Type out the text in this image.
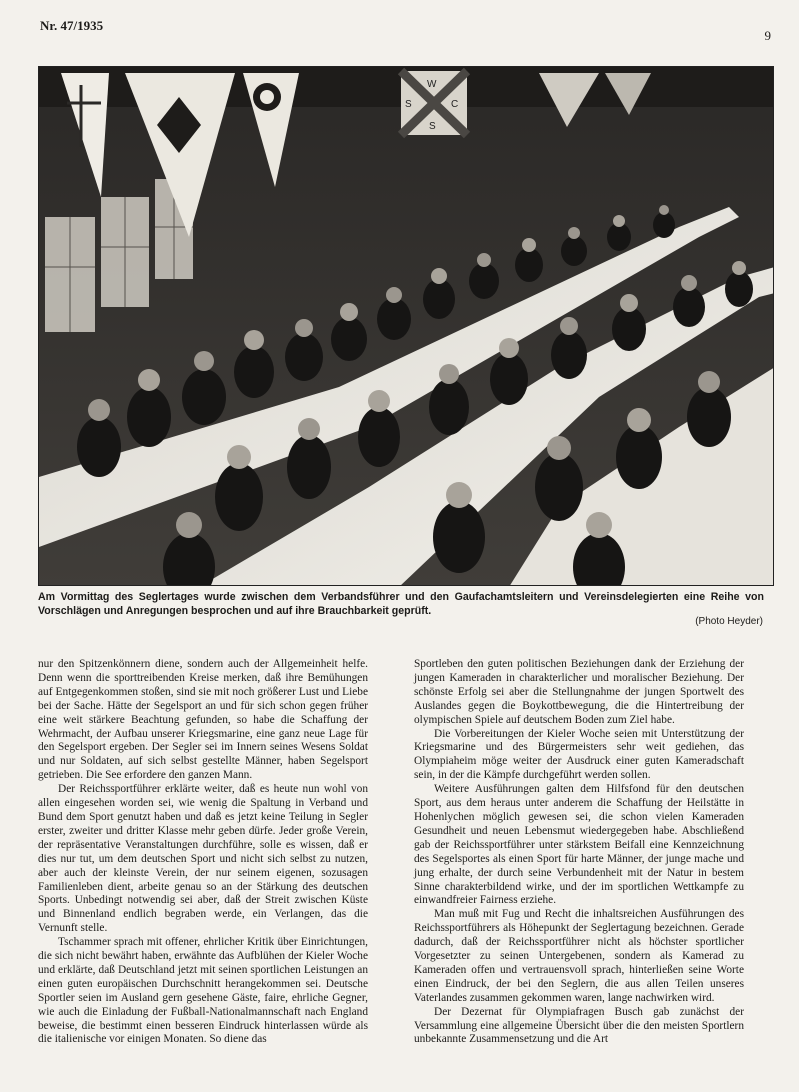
Nr. 47/1935
9
W
S	C
S
Am Vormittag des Seglertages wurde zwischen dem Verbandsführer und den Gaufachamtsleitern und Vereinsdelegierten eine Reihe von Vorschlägen und Anregungen besprochen und auf ihre Brauchbarkeit geprüft.
(Photo Heyder)

nur den Spitzenkönnern diene, sondern auch der Allgemeinheit helfe. Denn wenn die sporttreibenden Kreise merken, daß ihre Bemühungen auf Entgegenkommen stoßen, sind sie mit noch größerer Lust und Liebe bei der Sache. Hätte der Segelsport an und für sich schon gegen früher eine weit stärkere Beachtung gefunden, so habe die Schaffung der Wehrmacht, der Aufbau unserer Kriegsmarine, eine ganz neue Lage für den Segelsport ergeben. Der Segler sei im Innern seines Wesens Soldat und nur Soldaten, auf sich selbst gestellte Männer, haben Segelsport getrieben. Die See erfordere den ganzen Mann.

Der Reichssportführer erklärte weiter, daß es heute nun wohl von allen eingesehen worden sei, wie wenig die Spaltung in Verband und Bund dem Sport genutzt haben und daß es jetzt keine Teilung in Segler erster, zweiter und dritter Klasse mehr geben dürfe. Jeder große Verein, der repräsentative Veranstaltungen durchführe, solle es wissen, daß er dies nur tut, um dem deutschen Sport und nicht sich selbst zu nutzen, aber auch der kleinste Verein, der nur seinem eigenen, sozusagen Familienleben dient, arbeite genau so an der Stärkung des deutschen Sports. Unbedingt notwendig sei aber, daß der Streit zwischen Küste und Binnenland endlich begraben werde, ein Verlangen, das die Vernunft stelle.

Tschammer sprach mit offener, ehrlicher Kritik über Einrichtungen, die sich nicht bewährt haben, erwähnte das Aufblühen der Kieler Woche und erklärte, daß Deutschland jetzt mit seinen sportlichen Leistungen an einen guten europäischen Durchschnitt herangekommen sei. Deutsche Sportler seien im Ausland gern gesehene Gäste, faire, ehrliche Gegner, wie auch die Einladung der Fußball-Nationalmannschaft nach England beweise, die bestimmt einen besseren Eindruck hinterlassen würde als die italienische vor einigen Monaten. So diene das

Sportleben den guten politischen Beziehungen dank der Erziehung der jungen Kameraden in charakterlicher und moralischer Beziehung. Der schönste Erfolg sei aber die Stellungnahme der jungen Sportwelt des Auslandes gegen die Boykottbewegung, die die Hintertreibung der olympischen Spiele auf deutschem Boden zum Ziel habe.

Die Vorbereitungen der Kieler Woche seien mit Unterstützung der Kriegsmarine und des Bürgermeisters sehr weit gediehen, das Olympiaheim möge weiter der Ausdruck einer guten Kameradschaft sein, in der die Kämpfe durchgeführt werden sollen.

Weitere Ausführungen galten dem Hilfsfond für den deutschen Sport, aus dem heraus unter anderem die Schaffung der Heilstätte in Hohenlychen möglich gewesen sei, die schon vielen Kameraden Gesundheit und neuen Lebensmut wiedergegeben habe. Abschließend gab der Reichssportführer unter stärkstem Beifall eine Kennzeichnung des Segelsportes als einen Sport für harte Männer, der junge mache und jung erhalte, der durch seine Verbundenheit mit der Natur in bestem Sinne charakterbildend wirke, und der im sportlichen Wettkampfe zu einwandfreier Fairness erziehe.

Man muß mit Fug und Recht die inhaltsreichen Ausführungen des Reichssportführers als Höhepunkt der Seglertagung bezeichnen. Gerade dadurch, daß der Reichssportführer nicht als höchster sportlicher Vorgesetzter zu seinen Untergebenen, sondern als Kamerad zu Kameraden offen und vertrauensvoll sprach, hinterließen seine Worte einen Eindruck, der bei den Seglern, die aus allen Teilen unseres Vaterlandes zusammen gekommen waren, lange nachwirken wird.

Der Dezernat für Olympiafragen Busch gab zunächst der Versammlung eine allgemeine Übersicht über die den meisten Sportlern unbekannte Zusammensetzung und die Art
